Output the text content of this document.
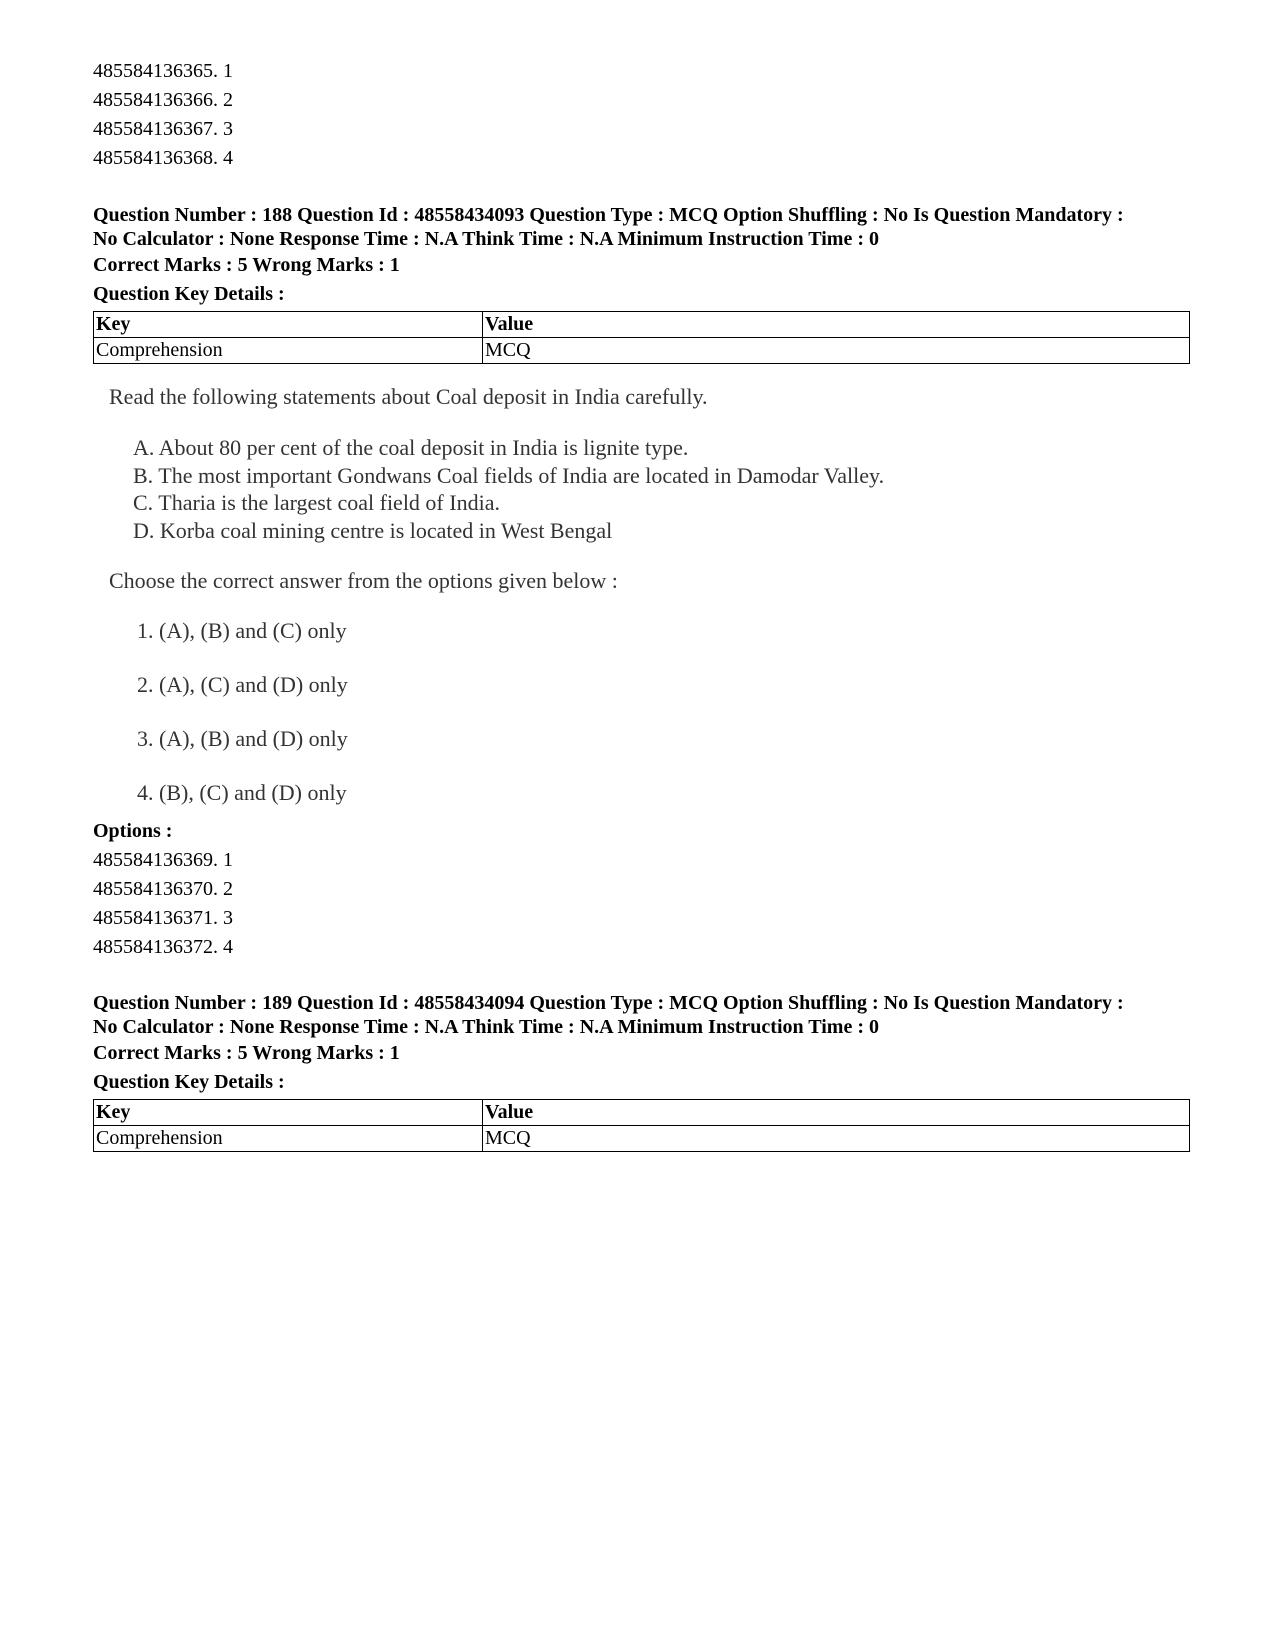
485584136365. 1

485584136366. 2

485584136367. 3

485584136368. 4

Question Number : 188 Question Id : 48558434093 Question Type : MCQ Option Shuffling : No Is Question Mandatory :

No Calculator : None Response Time : N.A Think Time : N.A Minimum Instruction Time : 0

Correct Marks : 5 Wrong Marks : 1

Question Key Details :

Key	Value
Comprehension	MCQ

Read the following statements about Coal deposit in India carefully.

A. About 80 per cent of the coal deposit in India is lignite type.

B. The most important Gondwans Coal fields of India are located in Damodar Valley.

C. Tharia is the largest coal field of India.

D. Korba coal mining centre is located in West Bengal

Choose the correct answer from the options given below :

1. (A), (B) and (C) only

2. (A), (C) and (D) only

3. (A), (B) and (D) only

4. (B), (C) and (D) only

Options :

485584136369. 1

485584136370. 2

485584136371. 3

485584136372. 4

Question Number : 189 Question Id : 48558434094 Question Type : MCQ Option Shuffling : No Is Question Mandatory :

No Calculator : None Response Time : N.A Think Time : N.A Minimum Instruction Time : 0

Correct Marks : 5 Wrong Marks : 1

Question Key Details :

Key	Value
Comprehension	MCQ
